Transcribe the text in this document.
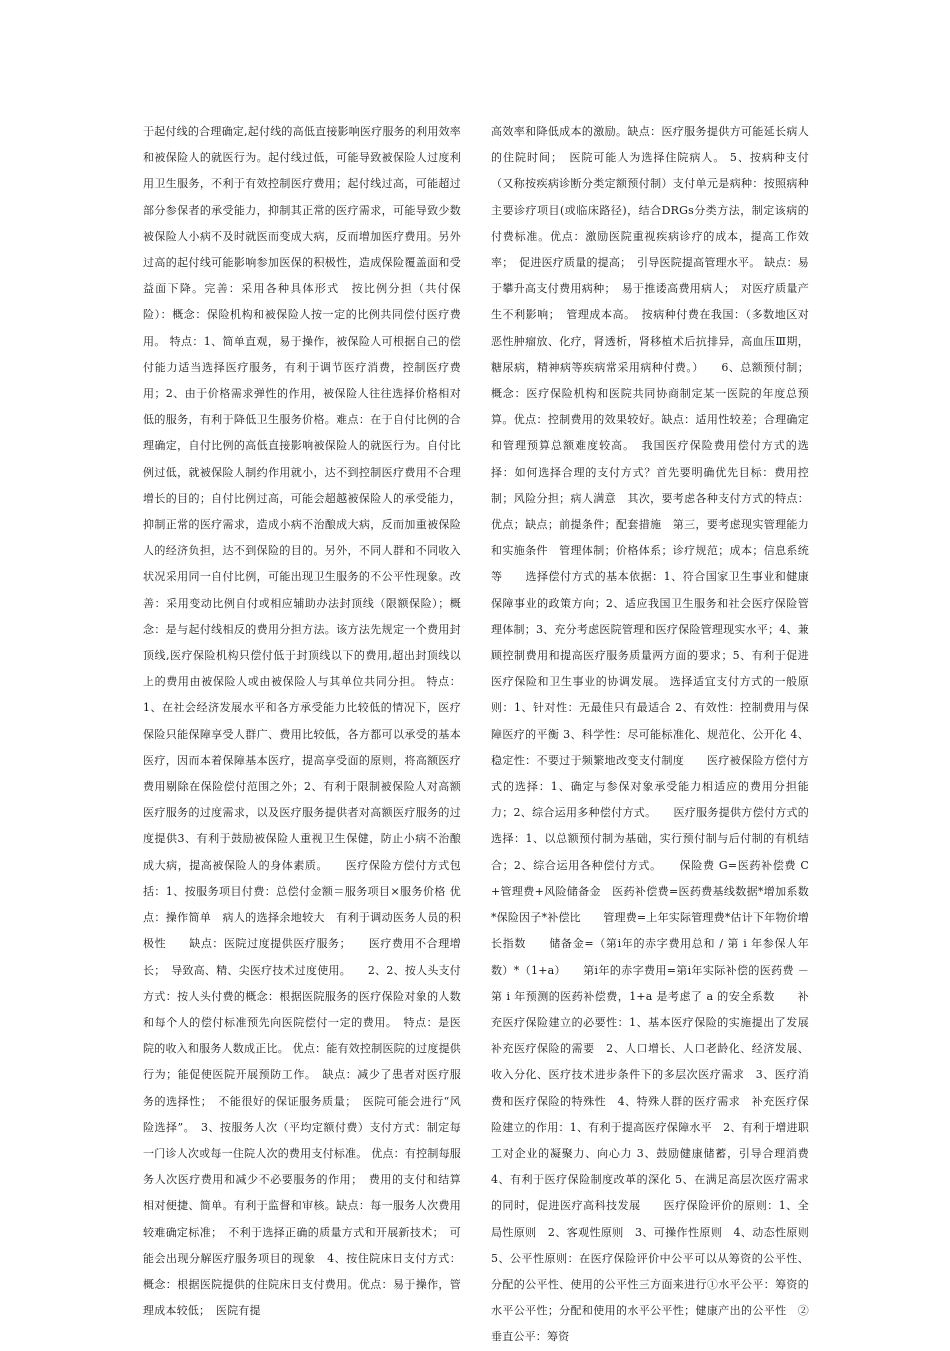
于起付线的合理确定,起付线的高低直接影响医疗服务的利用效率和被保险人的就医行为。起付线过低，可能导致被保险人过度利用卫生服务，不利于有效控制医疗费用；起付线过高，可能超过部分参保者的承受能力，抑制其正常的医疗需求，可能导致少数被保险人小病不及时就医而变成大病，反而增加医疗费用。另外过高的起付线可能影响参加医保的积极性，造成保险覆盖面和受益面下降。完善：采用各种具体形式　按比例分担（共付保险）：概念：保险机构和被保险人按一定的比例共同偿付医疗费用。 特点：1、简单直观，易于操作，被保险人可根据自己的偿付能力适当选择医疗服务，有利于调节医疗消费，控制医疗费用；2、由于价格需求弹性的作用，被保险人往往选择价格相对低的服务，有利于降低卫生服务价格。难点：在于自付比例的合理确定，自付比例的高低直接影响被保险人的就医行为。自付比例过低，就被保险人制约作用就小，达不到控制医疗费用不合理增长的目的；自付比例过高，可能会超越被保险人的承受能力，抑制正常的医疗需求，造成小病不治酿成大病，反而加重被保险人的经济负担，达不到保险的目的。另外，不同人群和不同收入状况采用同一自付比例，可能出现卫生服务的不公平性现象。改善：采用变动比例自付或相应辅助办法封顶线（限额保险）；概念：是与起付线相反的费用分担方法。该方法先规定一个费用封顶线,医疗保险机构只偿付低于封顶线以下的费用,超出封顶线以上的费用由被保险人或由被保险人与其单位共同分担。 特点：1、在社会经济发展水平和各方承受能力比较低的情况下，医疗保险只能保障享受人群广、费用比较低，各方都可以承受的基本医疗，因而本着保障基本医疗，提高享受面的原则，将高额医疗费用剔除在保险偿付范围之外；2、有利于限制被保险人对高额医疗服务的过度需求，以及医疗服务提供者对高额医疗服务的过度提供3、有利于鼓励被保险人重视卫生保健，防止小病不治酿成大病，提高被保险人的身体素质。　　医疗保险方偿付方式包括：1、按服务项目付费：总偿付金额＝服务项目×服务价格 优点：操作简单　病人的选择余地较大　有利于调动医务人员的积极性　　缺点：医院过度提供医疗服务；　　医疗费用不合理增长；　导致高、精、尖医疗技术过度使用。　　2、2、按人头支付方式：按人头付费的概念：根据医院服务的医疗保险对象的人数和每个人的偿付标准预先向医院偿付一定的费用。　特点：是医院的收入和服务人数成正比。 优点：能有效控制医院的过度提供行为；能促使医院开展预防工作。　缺点：减少了患者对医疗服务的选择性；　不能很好的保证服务质量；　医院可能会进行“风险选择”。　3、按服务人次（平均定额付费）支付方式：制定每一门诊人次或每一住院人次的费用支付标准。 优点：有控制每服务人次医疗费用和减少不必要服务的作用；　费用的支付和结算相对便捷、简单。有利于监督和审核。缺点：每一服务人次费用较难确定标准；　不利于选择正确的质量方式和开展新技术；　可能会出现分解医疗服务项目的现象　4、按住院床日支付方式：概念：根据医院提供的住院床日支付费用。优点：易于操作，管理成本较低；　医院有提

高效率和降低成本的激励。缺点：医疗服务提供方可能延长病人的住院时间；　医院可能人为选择住院病人。 5、按病种支付（又称按疾病诊断分类定额预付制）支付单元是病种：按照病种主要诊疗项目(或临床路径)，结合DRGs分类方法，制定该病的付费标准。优点：激励医院重视疾病诊疗的成本，提高工作效率；　促进医疗质量的提高；　引导医院提高管理水平。 缺点：易于攀升高支付费用病种；　易于推诿高费用病人；　对医疗质量产生不利影响；　管理成本高。　按病种付费在我国：（多数地区对恶性肿瘤放、化疗，肾透析，肾移植术后抗排异，高血压Ⅲ期，糖尿病，精神病等疾病常采用病种付费。）　　6、总额预付制；概念：医疗保险机构和医院共同协商制定某一医院的年度总预算。优点：控制费用的效果较好。缺点：适用性较差；合理确定和管理预算总额难度较高。　我国医疗保险费用偿付方式的选择：如何选择合理的支付方式？首先要明确优先目标：费用控制；风险分担；病人满意　其次，要考虑各种支付方式的特点：优点；缺点；前提条件；配套措施　第三，要考虑现实管理能力和实施条件　管理体制；价格体系；诊疗规范；成本；信息系统等　　选择偿付方式的基本依据：1、符合国家卫生事业和健康保障事业的政策方向；2、适应我国卫生服务和社会医疗保险管理体制；3、充分考虑医院管理和医疗保险管理现实水平；4、兼顾控制费用和提高医疗服务质量两方面的要求；5、有利于促进医疗保险和卫生事业的协调发展。 选择适宜支付方式的一般原则：1、针对性：无最佳只有最适合 2、有效性：控制费用与保障医疗的平衡 3、科学性：尽可能标准化、规范化、公开化 4、稳定性：不要过于频繁地改变支付制度　　医疗被保险方偿付方式的选择：1、确定与参保对象承受能力相适应的费用分担能力；2、综合运用多种偿付方式。　　医疗服务提供方偿付方式的选择：1、以总额预付制为基础，实行预付制与后付制的有机结合；2、综合运用各种偿付方式。　　保险费 G=医药补偿费 C+管理费+风险储备金　医药补偿费=医药费基线数据*增加系数*保险因子*补偿比　　管理费=上年实际管理费*估计下年物价增长指数　　储备金=（第i年的赤字费用总和 / 第 i 年参保人年数）*（1+a）　　第i年的赤字费用=第i年实际补偿的医药费 － 第 i 年预测的医药补偿费，1+a 是考虑了 a 的安全系数　　补充医疗保险建立的必要性：1、基本医疗保险的实施提出了发展补充医疗保险的需要　2、人口增长、人口老龄化、经济发展、收入分化、医疗技术进步条件下的多层次医疗需求　3、医疗消费和医疗保险的特殊性　4、特殊人群的医疗需求　补充医疗保险建立的作用：1、有利于提高医疗保障水平　2、有利于增进职工对企业的凝聚力、向心力 3、鼓励健康储蓄，引导合理消费 4、有利于医疗保险制度改革的深化 5、在满足高层次医疗需求的同时，促进医疗高科技发展　　医疗保险评价的原则：1、全局性原则　2、客观性原则　3、可操作性原则　4、动态性原则　5、公平性原则：在医疗保险评价中公平可以从筹资的公平性、分配的公平性、使用的公平性三方面来进行①水平公平：筹资的水平公平性；分配和使用的水平公平性；健康产出的公平性　②垂直公平：筹资
